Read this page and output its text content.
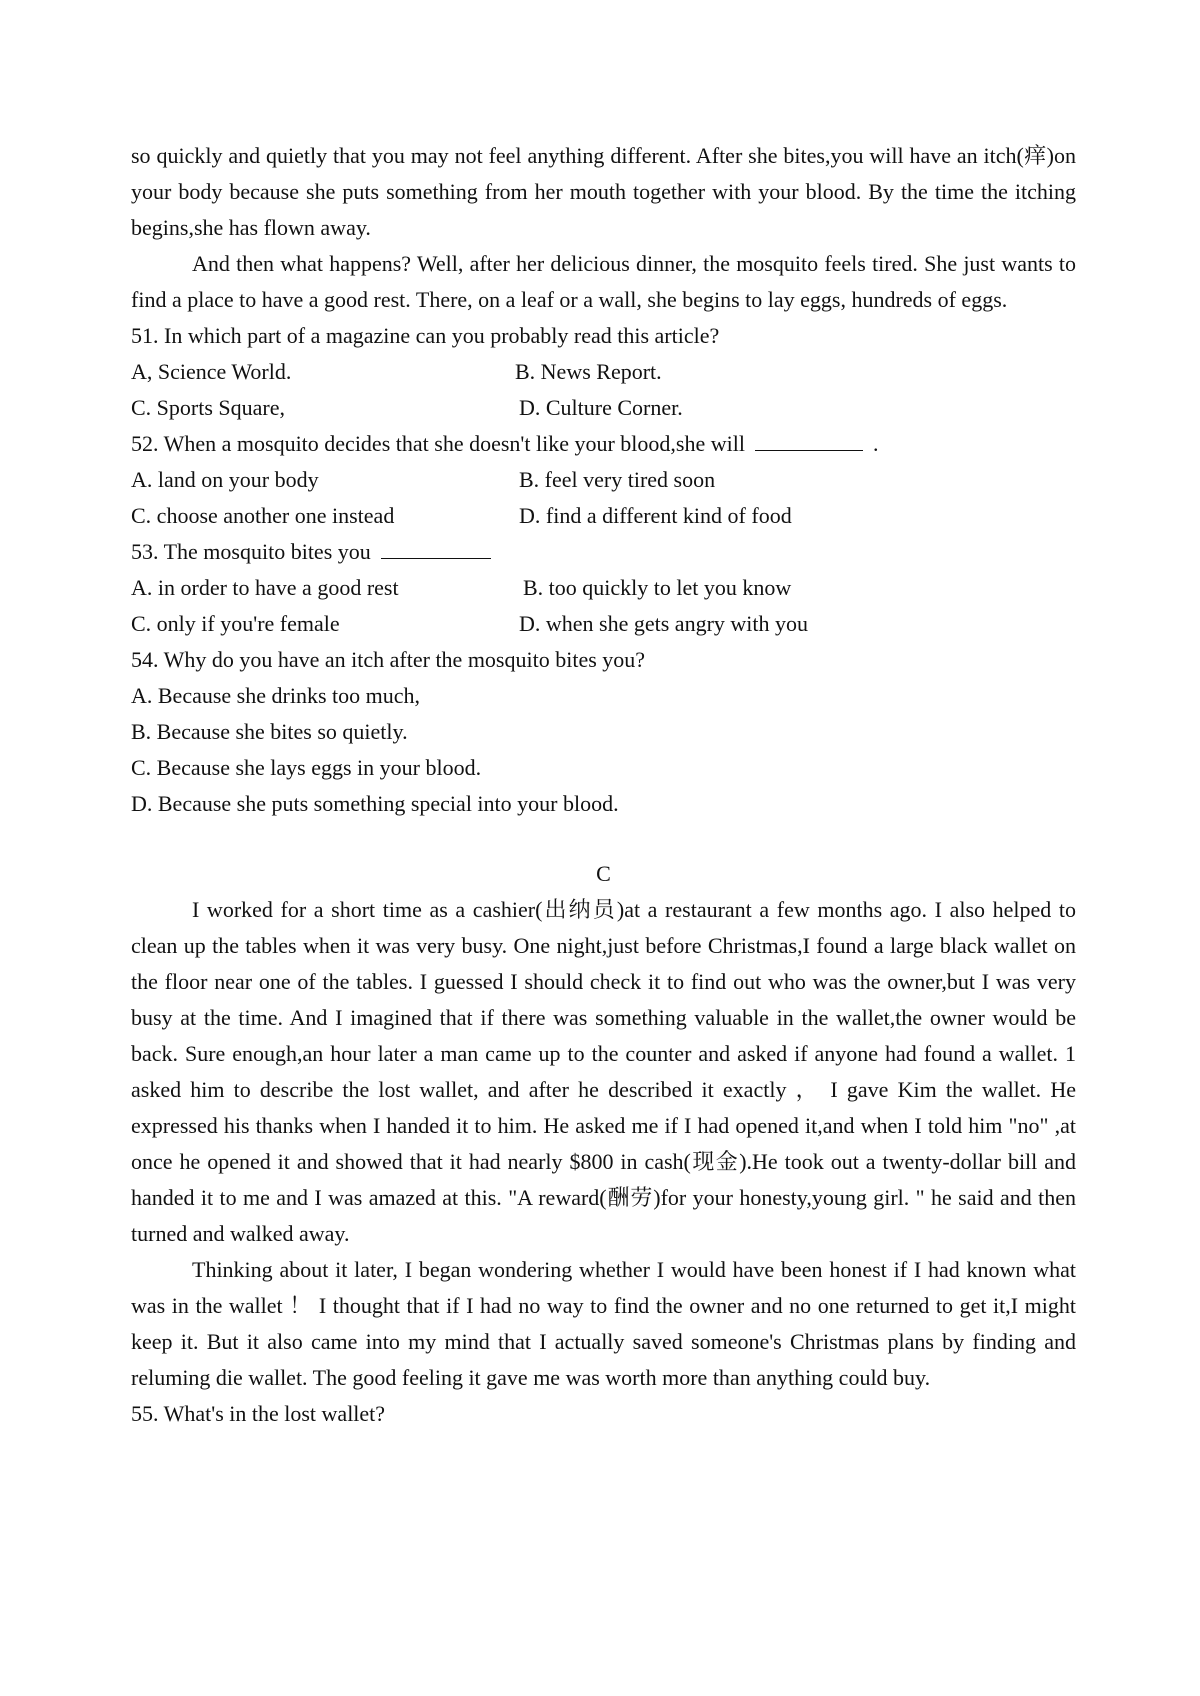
so quickly and quietly that you may not feel anything different. After she bites,you will have an itch(痒)on your body because she puts something from her mouth together with your blood. By the time the itching begins,she has flown away.

And then what happens? Well, after her delicious dinner, the mosquito feels tired. She just wants to find a place to have a good rest. There, on a leaf or a wall, she begins to lay eggs, hundreds of eggs.

51. In which part of a magazine can you probably read this article?

A, Science World.	B. News Report.
C. Sports Square,	D. Culture Corner.

52. When a mosquito decides that she doesn't like your blood,she will	.

A. land on your body	B. feel very tired soon
C. choose another one instead	D. find a different kind of food

53. The mosquito bites you

A. in order to have a good rest	B. too quickly to let you know
C. only if you're female	D. when she gets angry with you

54. Why do you have an itch after the mosquito bites you?

A. Because she drinks too much,

B. Because she bites so quietly.

C. Because she lays eggs in your blood.

D. Because she puts something special into your blood.

C

I worked for a short time as a cashier(出纳员)at a restaurant a few months ago. I also helped to clean up the tables when it was very busy. One night,just before Christmas,I found a large black wallet on the floor near one of the tables. I guessed I should check it to find out who was the owner,but I was very busy at the time. And I imagined that if there was something valuable in the wallet,the owner would be back. Sure enough,an hour later a man came up to the counter and asked if anyone had found a wallet. 1 asked him to describe the lost wallet, and after he described it exactly ， I gave Kim the wallet. He expressed his thanks when I handed it to him. He asked me if I had opened it,and when I told him "no" ,at once he opened it and showed that it had nearly $800 in cash(现金).He took out a twenty-dollar bill and handed it to me and I was amazed at this. "A reward(酬劳)for your honesty,young girl. " he said and then turned and walked away.

Thinking about it later, I began wondering whether I would have been honest if I had known what was in the wallet ！ I thought that if I had no way to find the owner and no one returned to get it,I might keep it. But it also came into my mind that I actually saved someone's Christmas plans by finding and reluming die wallet. The good feeling it gave me was worth more than anything could buy.

55. What's in the lost wallet?
